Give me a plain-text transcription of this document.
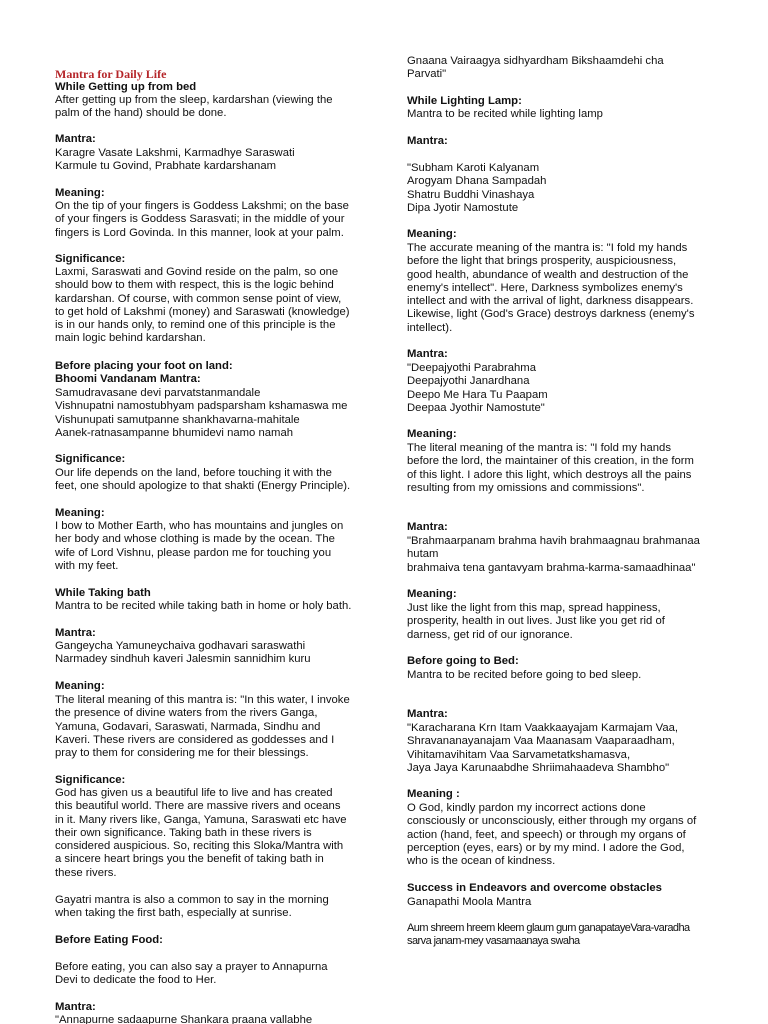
Mantra for Daily Life
While Getting up from bed
After getting up from the sleep, kardarshan (viewing the
palm of the hand) should be done.
Mantra:
Karagre Vasate Lakshmi, Karmadhye Saraswati
Karmule tu Govind, Prabhate kardarshanam
Meaning:
On the tip of your fingers is Goddess Lakshmi; on the base
of your fingers is Goddess Sarasvati; in the middle of your
fingers is Lord Govinda. In this manner, look at your palm.
Significance:
Laxmi, Saraswati and Govind reside on the palm, so one
should bow to them with respect, this is the logic behind
kardarshan. Of course, with common sense point of view,
to get hold of Lakshmi (money) and Saraswati (knowledge)
is in our hands only, to remind one of this principle is the
main logic behind kardarshan.
Before placing your foot on land:
Bhoomi Vandanam Mantra:
Samudravasane devi parvatstanmandale
Vishnupatni namostubhyam padsparsham kshamaswa me
Vishunupati samutpanne shankhavarna-mahitale
Aanek-ratnasampanne bhumidevi namo namah
Significance:
Our life depends on the land, before touching it with the
feet, one should apologize to that shakti (Energy Principle).
Meaning:
I bow to Mother Earth, who has mountains and jungles on
her body and whose clothing is made by the ocean. The
wife of Lord Vishnu, please pardon me for touching you
with my feet.
While Taking bath
Mantra to be recited while taking bath in home or holy bath.
Mantra:
Gangeycha Yamuneychaiva godhavari saraswathi
Narmadey sindhuh kaveri Jalesmin sannidhim kuru
Meaning:
The literal meaning of this mantra is: "In this water, I invoke
the presence of divine waters from the rivers Ganga,
Yamuna, Godavari, Saraswati, Narmada, Sindhu and
Kaveri. These rivers are considered as goddesses and I
pray to them for considering me for their blessings.
Significance:
God has given us a beautiful life to live and has created
this beautiful world. There are massive rivers and oceans
in it. Many rivers like, Ganga, Yamuna, Saraswati etc have
their own significance. Taking bath in these rivers is
considered auspicious. So, reciting this Sloka/Mantra with
a sincere heart brings you the benefit of taking bath in
these rivers.
Gayatri mantra is also a common to say in the morning
when taking the first bath, especially at sunrise.
Before Eating Food:
Before eating, you can also say a prayer to Annapurna
Devi to dedicate the food to Her.
Mantra:
"Annapurne sadaapurne Shankara praana vallabhe
Gnaana Vairaagya sidhyardham Bikshaamdehi cha
Parvati"
While Lighting Lamp:
Mantra to be recited while lighting lamp
Mantra:
"Subham Karoti Kalyanam
Arogyam Dhana Sampadah
Shatru Buddhi Vinashaya
Dipa Jyotir Namostute
Meaning:
The accurate meaning of the mantra is: "I fold my hands
before the light that brings prosperity, auspiciousness,
good health, abundance of wealth and destruction of the
enemy's intellect". Here, Darkness symbolizes enemy's
intellect and with the arrival of light, darkness disappears.
Likewise, light (God's Grace) destroys darkness (enemy's
intellect).
Mantra:
"Deepajyothi Parabrahma
Deepajyothi Janardhana
Deepo Me Hara Tu Paapam
Deepaa Jyothir Namostute"
Meaning:
The literal meaning of the mantra is: "I fold my hands
before the lord, the maintainer of this creation, in the form
of this light. I adore this light, which destroys all the pains
resulting from my omissions and commissions".
Mantra:
"Brahmaarpanam brahma havih brahmaagnau brahmanaa
hutam
brahmaiva tena gantavyam brahma-karma-samaadhinaa"
Meaning:
Just like the light from this map, spread happiness,
prosperity, health in out lives. Just like you get rid of
darness, get rid of our ignorance.
Before going to Bed:
Mantra to be recited before going to bed sleep.
Mantra:
"Karacharana Krn Itam Vaakkaayajam Karmajam Vaa,
Shravananayanajam Vaa Maanasam Vaaparaadham,
Vihitamavihitam Vaa Sarvametatkshamasva,
Jaya Jaya Karunaabdhe Shriimahaadeva Shambho"
Meaning :
O God, kindly pardon my incorrect actions done
consciously or unconsciously, either through my organs of
action (hand, feet, and speech) or through my organs of
perception (eyes, ears) or by my mind. I adore the God,
who is the ocean of kindness.
Success in Endeavors and overcome obstacles
Ganapathi Moola Mantra
Aum shreem hreem kleem glaum gum ganapatayeVara-varadha
sarva janam-mey vasamaanaya swaha
